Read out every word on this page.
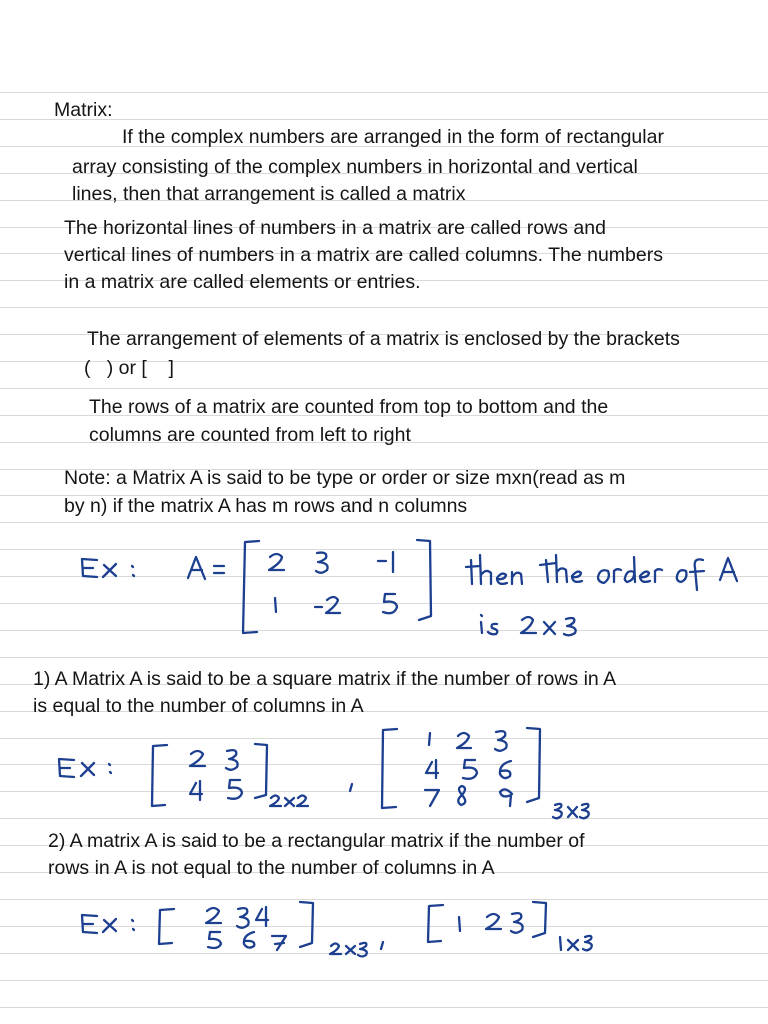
Matrix:
If the complex numbers are arranged in the form of rectangular
array consisting of the complex numbers in horizontal and vertical
lines, then that arrangement is called a matrix
The horizontal lines of numbers in a matrix are called rows and
vertical lines of numbers in a matrix are called columns. The numbers
in a matrix are called elements or entries.
The arrangement of elements of a matrix is enclosed by the brackets
(   ) or [    ]
The rows of a matrix are counted from top to bottom and the
columns are counted from left to right
Note: a Matrix A is said to be type or order or size mxn(read as m
by n) if the matrix A has m rows and n columns
1) A Matrix A is said to be a square matrix if the number of rows in A
is equal to the number of columns in A
2) A matrix A is said to be a rectangular matrix if the number of
rows in A is not equal to the number of columns in A
